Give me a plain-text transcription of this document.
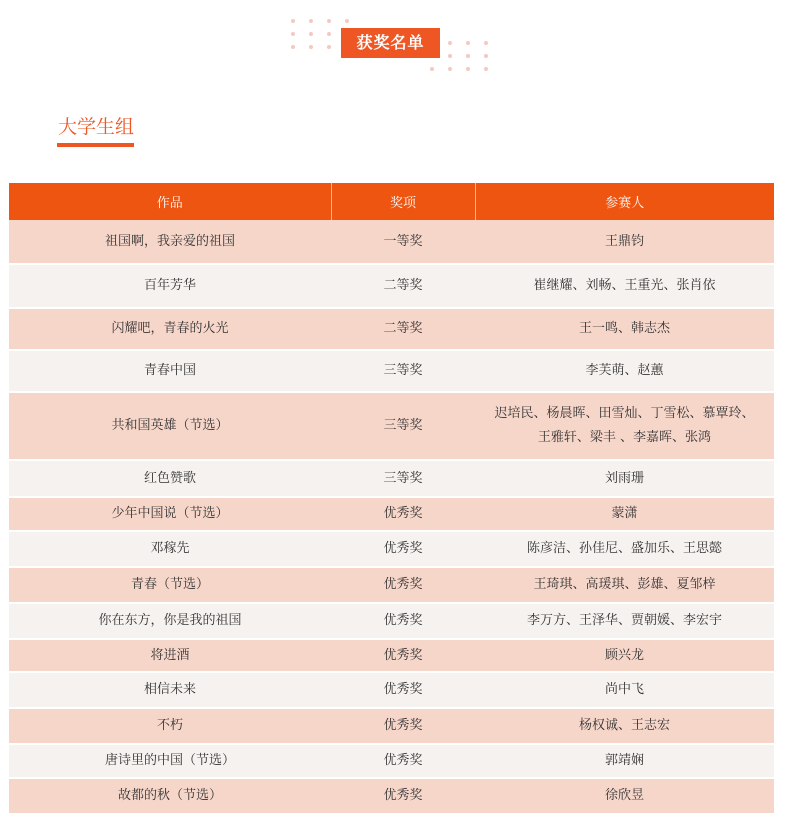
获奖名单
大学生组
作品	奖项	参赛人
祖国啊，我亲爱的祖国	一等奖	王鼎钧
百年芳华	二等奖	崔继耀、刘畅、王重光、张肖依
闪耀吧，青春的火光	二等奖	王一鸣、韩志杰
青春中国	三等奖	李芙萌、赵蕙
共和国英雄（节选）	三等奖	迟培民、杨晨晖、田雪灿、丁雪松、慕覃玲、王雅轩、梁丰 、李嘉晖、张鸿
红色赞歌	三等奖	刘雨珊
少年中国说（节选）	优秀奖	蒙潇
邓稼先	优秀奖	陈彦洁、孙佳尼、盛加乐、王思懿
青春（节选）	优秀奖	王琦琪、高瑗琪、彭雄、夏邹梓
你在东方，你是我的祖国	优秀奖	李万方、王泽华、贾朝媛、李宏宇
将进酒	优秀奖	顾兴龙
相信未来	优秀奖	尚中飞
不朽	优秀奖	杨权诚、王志宏
唐诗里的中国（节选）	优秀奖	郭靖娴
故都的秋（节选）	优秀奖	徐欣昱
